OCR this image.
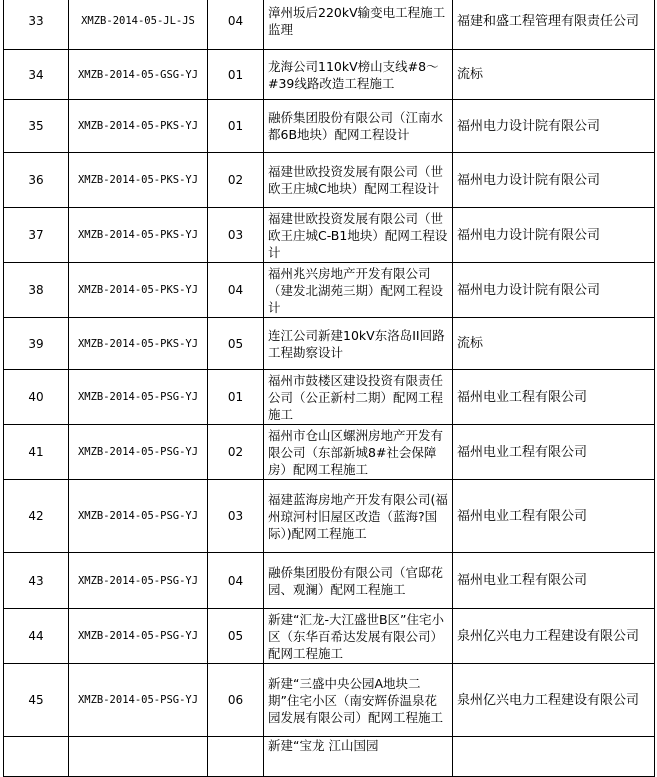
33	XMZB-2014-05-JL-JS	04	漳州坂后220kV输变电工程施工监理	福建和盛工程管理有限责任公司
34	XMZB-2014-05-GSG-YJ	01	龙海公司110kV榜山支线#8～#39线路改造工程施工	流标
35	XMZB-2014-05-PKS-YJ	01	融侨集团股份有限公司（江南水都6B地块）配网工程设计	福州电力设计院有限公司
36	XMZB-2014-05-PKS-YJ	02	福建世欧投资发展有限公司（世欧王庄城C地块）配网工程设计	福州电力设计院有限公司
37	XMZB-2014-05-PKS-YJ	03	福建世欧投资发展有限公司（世欧王庄城C-B1地块）配网工程设计	福州电力设计院有限公司
38	XMZB-2014-05-PKS-YJ	04	福州兆兴房地产开发有限公司（建发北湖苑三期）配网工程设计	福州电力设计院有限公司
39	XMZB-2014-05-PKS-YJ	05	连江公司新建10kV东洛岛II回路工程勘察设计	流标
40	XMZB-2014-05-PSG-YJ	01	福州市鼓楼区建设投资有限责任公司（公正新村二期）配网工程施工	福州电业工程有限公司
41	XMZB-2014-05-PSG-YJ	02	福州市仓山区螺洲房地产开发有限公司（东部新城8#社会保障房）配网工程施工	福州电业工程有限公司
42	XMZB-2014-05-PSG-YJ	03	福建蓝海房地产开发有限公司(福州琼河村旧屋区改造（蓝海?国际）)配网工程施工	福州电业工程有限公司
43	XMZB-2014-05-PSG-YJ	04	融侨集团股份有限公司（官邸花园、观澜）配网工程施工	福州电业工程有限公司
44	XMZB-2014-05-PSG-YJ	05	新建“汇龙-大江盛世B区”住宅小区（东华百希达发展有限公司）配网工程施工	泉州亿兴电力工程建设有限公司
45	XMZB-2014-05-PSG-YJ	06	新建“三盛中央公园A地块二期”住宅小区（南安辉侨温泉花园发展有限公司）配网工程施工	泉州亿兴电力工程建设有限公司
			新建“宝龙 江山国园	
